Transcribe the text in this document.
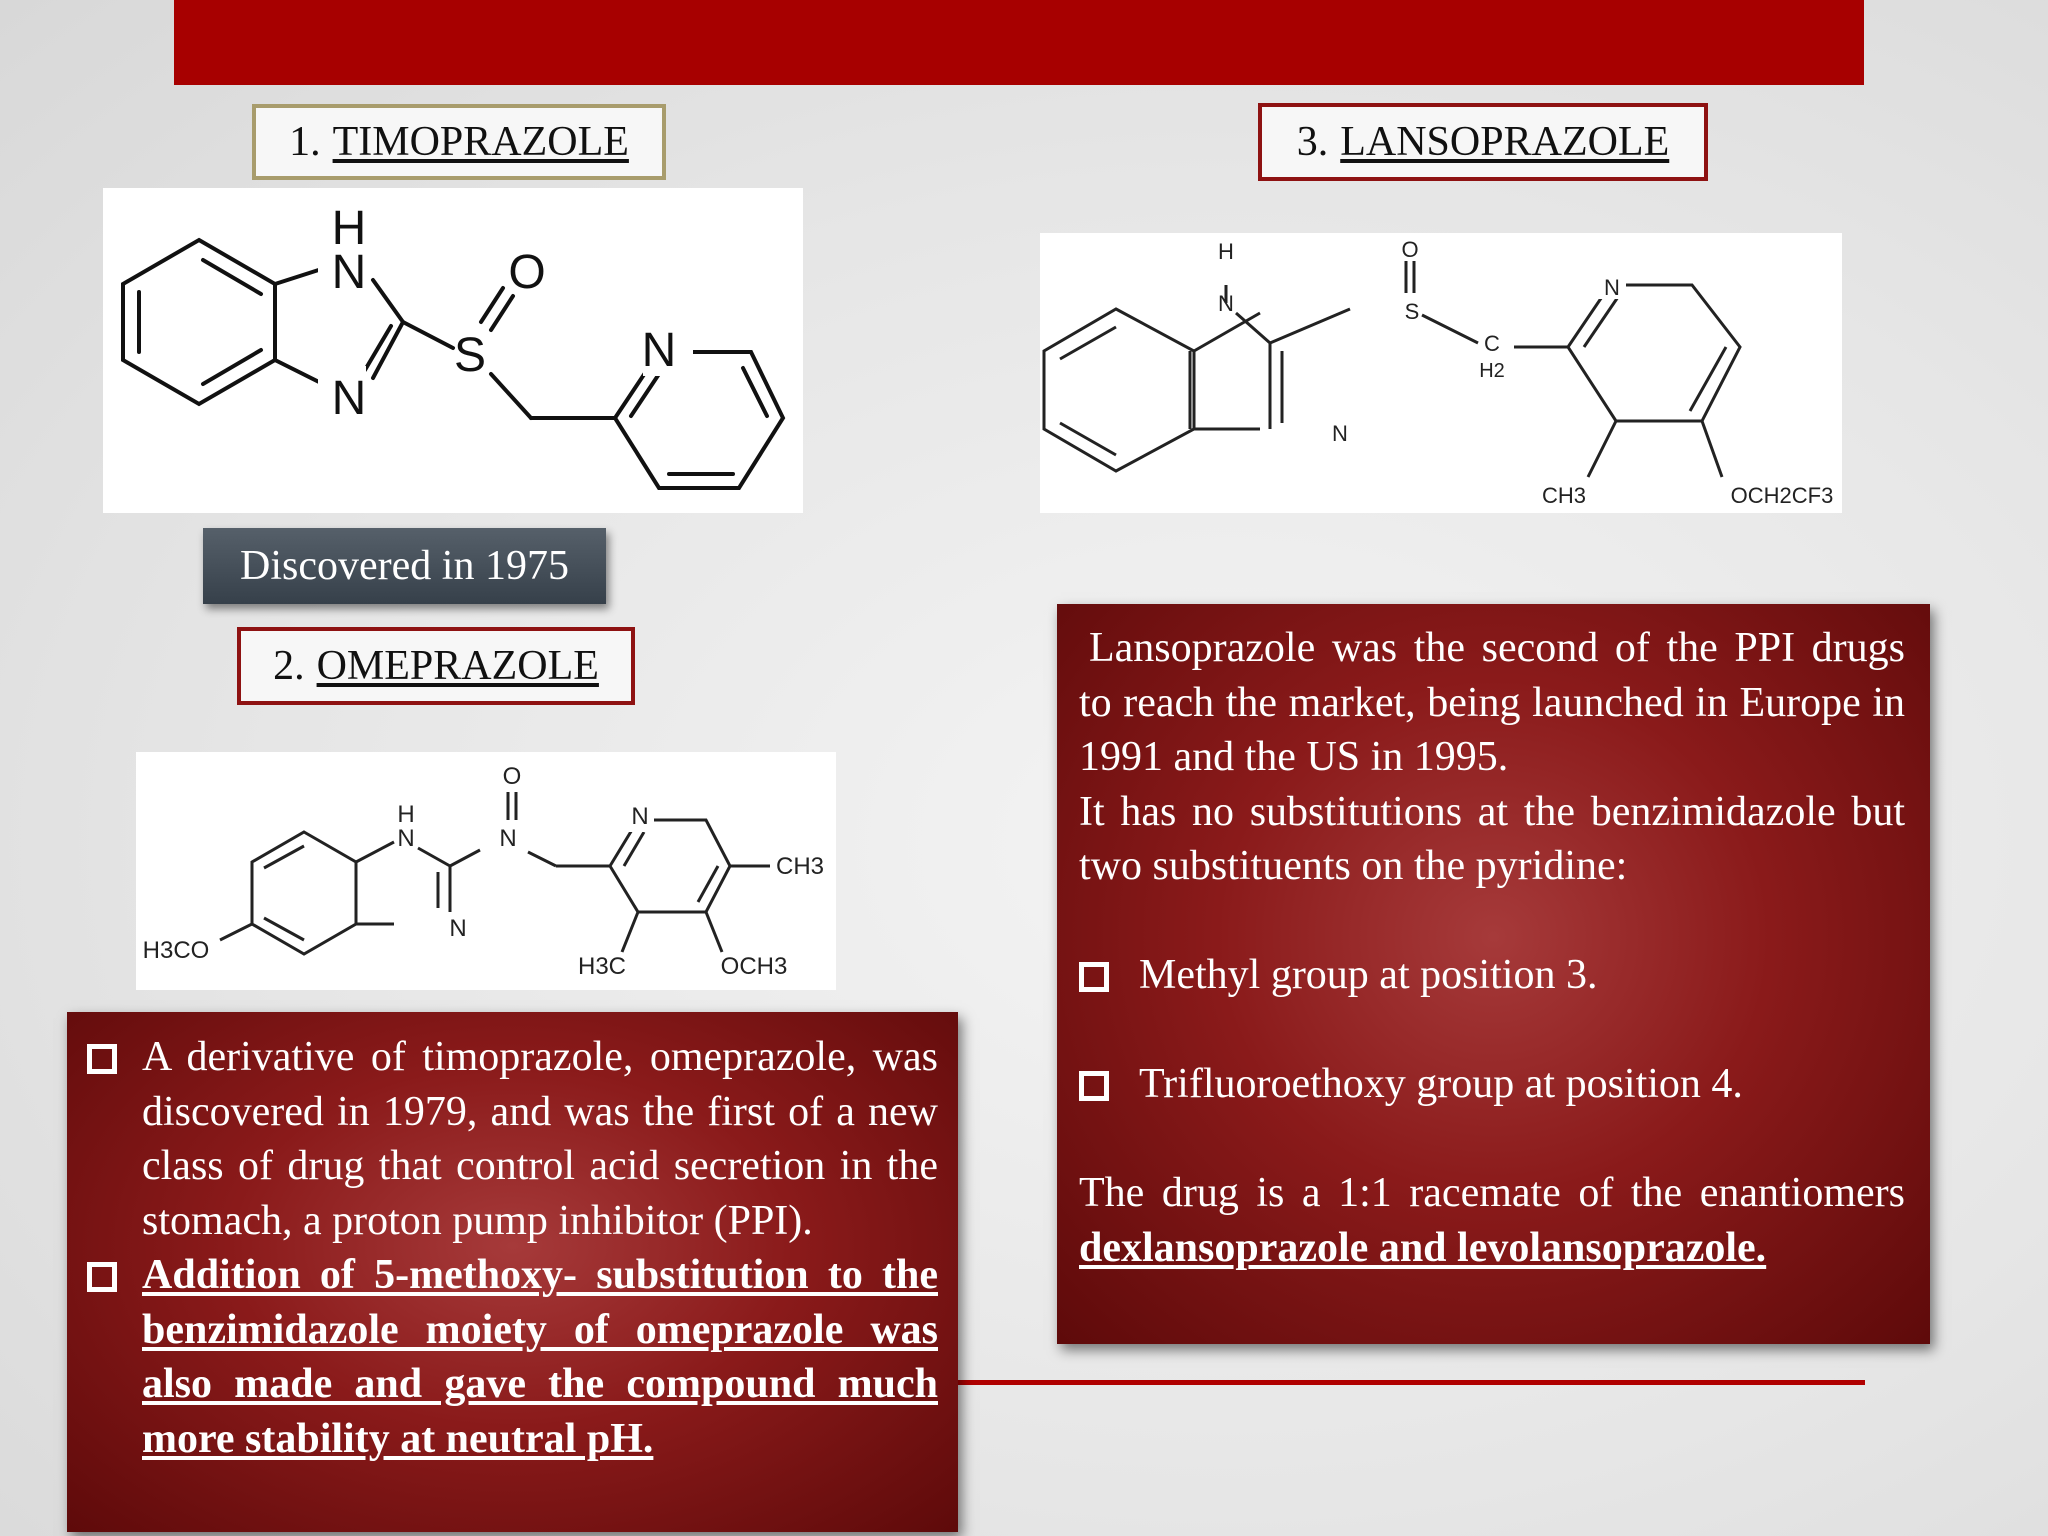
1. TIMOPRAZOLE	3. LANSOPRAZOLE
H
N
N
S
O
N
H
N
N
O
S
C
H2
N
CH3	OCH2CF3
Discovered in 1975
2. OMEPRAZOLE
O
H
N
N
N
N
CH3
H3CO
H3C	OCH3
Lansoprazole was the second of the PPI drugs to reach the market, being launched in Europe in 1991 and the US in 1995.
It has no substitutions at the benzimidazole but two substituents on the pyridine:
Methyl group at position 3.
Trifluoroethoxy group at position 4.
The drug is a 1:1 racemate of the enantiomers dexlansoprazole and levolansoprazole.
A derivative of timoprazole, omeprazole, was discovered in 1979, and was the first of a new class of drug that control acid secretion in the stomach, a proton pump inhibitor (PPI).
Addition of 5-methoxy- substitution to the benzimidazole moiety of omeprazole was also made and gave the compound much more stability at neutral pH.
